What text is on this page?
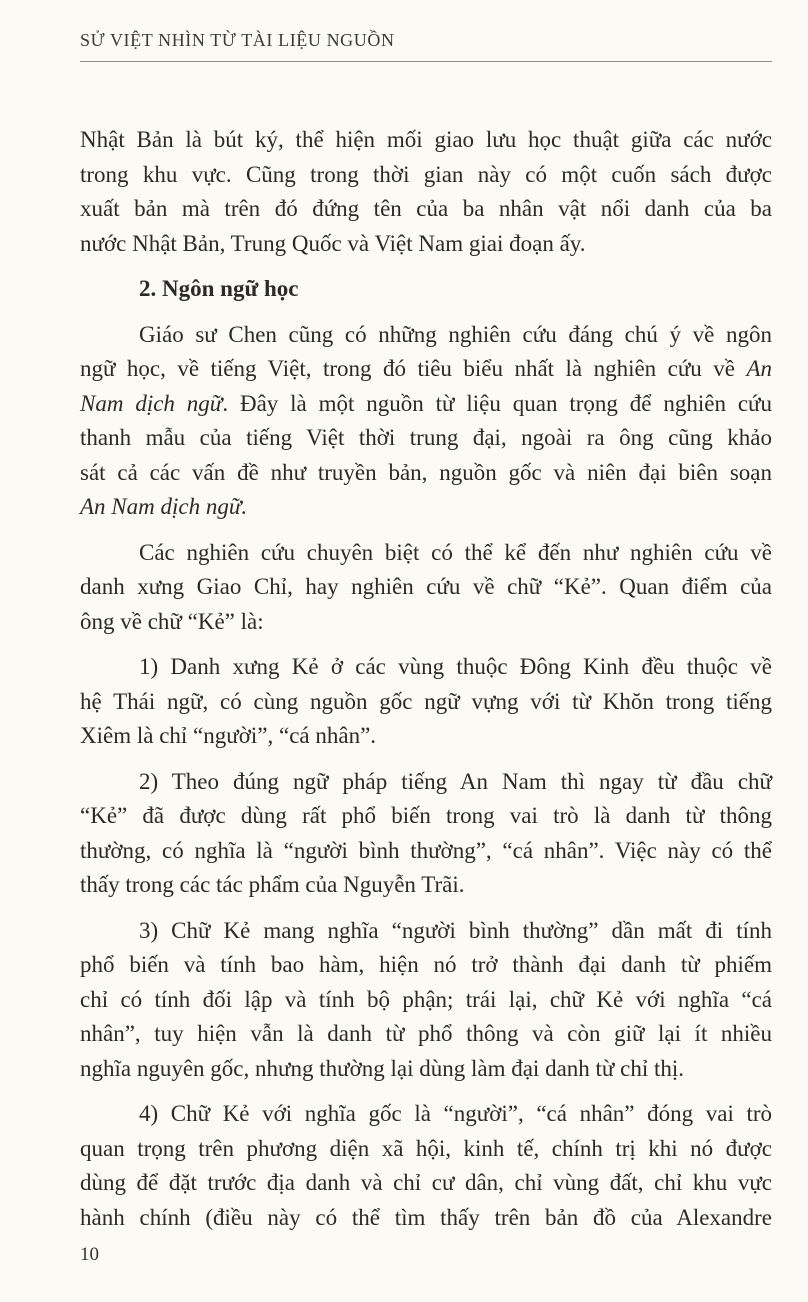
SỬ VIỆT NHÌN TỪ TÀI LIỆU NGUỒN
Nhật Bản là bút ký, thể hiện mối giao lưu học thuật giữa các nước
trong khu vực. Cũng trong thời gian này có một cuốn sách được
xuất bản mà trên đó đứng tên của ba nhân vật nổi danh của ba
nước Nhật Bản, Trung Quốc và Việt Nam giai đoạn ấy.
2. Ngôn ngữ học
Giáo sư Chen cũng có những nghiên cứu đáng chú ý về ngôn
ngữ học, về tiếng Việt, trong đó tiêu biểu nhất là nghiên cứu về An
Nam dịch ngữ. Đây là một nguồn từ liệu quan trọng để nghiên cứu
thanh mẫu của tiếng Việt thời trung đại, ngoài ra ông cũng khảo
sát cả các vấn đề như truyền bản, nguồn gốc và niên đại biên soạn
An Nam dịch ngữ.
Các nghiên cứu chuyên biệt có thể kể đến như nghiên cứu về
danh xưng Giao Chỉ, hay nghiên cứu về chữ “Kẻ”. Quan điểm của
ông về chữ “Kẻ” là:
1) Danh xưng Kẻ ở các vùng thuộc Đông Kinh đều thuộc về
hệ Thái ngữ, có cùng nguồn gốc ngữ vựng với từ Khŏn trong tiếng
Xiêm là chỉ “người”, “cá nhân”.
2) Theo đúng ngữ pháp tiếng An Nam thì ngay từ đầu chữ
“Kẻ” đã được dùng rất phổ biến trong vai trò là danh từ thông
thường, có nghĩa là “người bình thường”, “cá nhân”. Việc này có thể
thấy trong các tác phẩm của Nguyễn Trãi.
3) Chữ Kẻ mang nghĩa “người bình thường” dần mất đi tính
phổ biến và tính bao hàm, hiện nó trở thành đại danh từ phiếm
chỉ có tính đối lập và tính bộ phận; trái lại, chữ Kẻ với nghĩa “cá
nhân”, tuy hiện vẫn là danh từ phổ thông và còn giữ lại ít nhiều
nghĩa nguyên gốc, nhưng thường lại dùng làm đại danh từ chỉ thị.
4) Chữ Kẻ với nghĩa gốc là “người”, “cá nhân” đóng vai trò
quan trọng trên phương diện xã hội, kinh tế, chính trị khi nó được
dùng để đặt trước địa danh và chỉ cư dân, chỉ vùng đất, chỉ khu vực
hành chính (điều này có thể tìm thấy trên bản đồ của Alexandre
10
